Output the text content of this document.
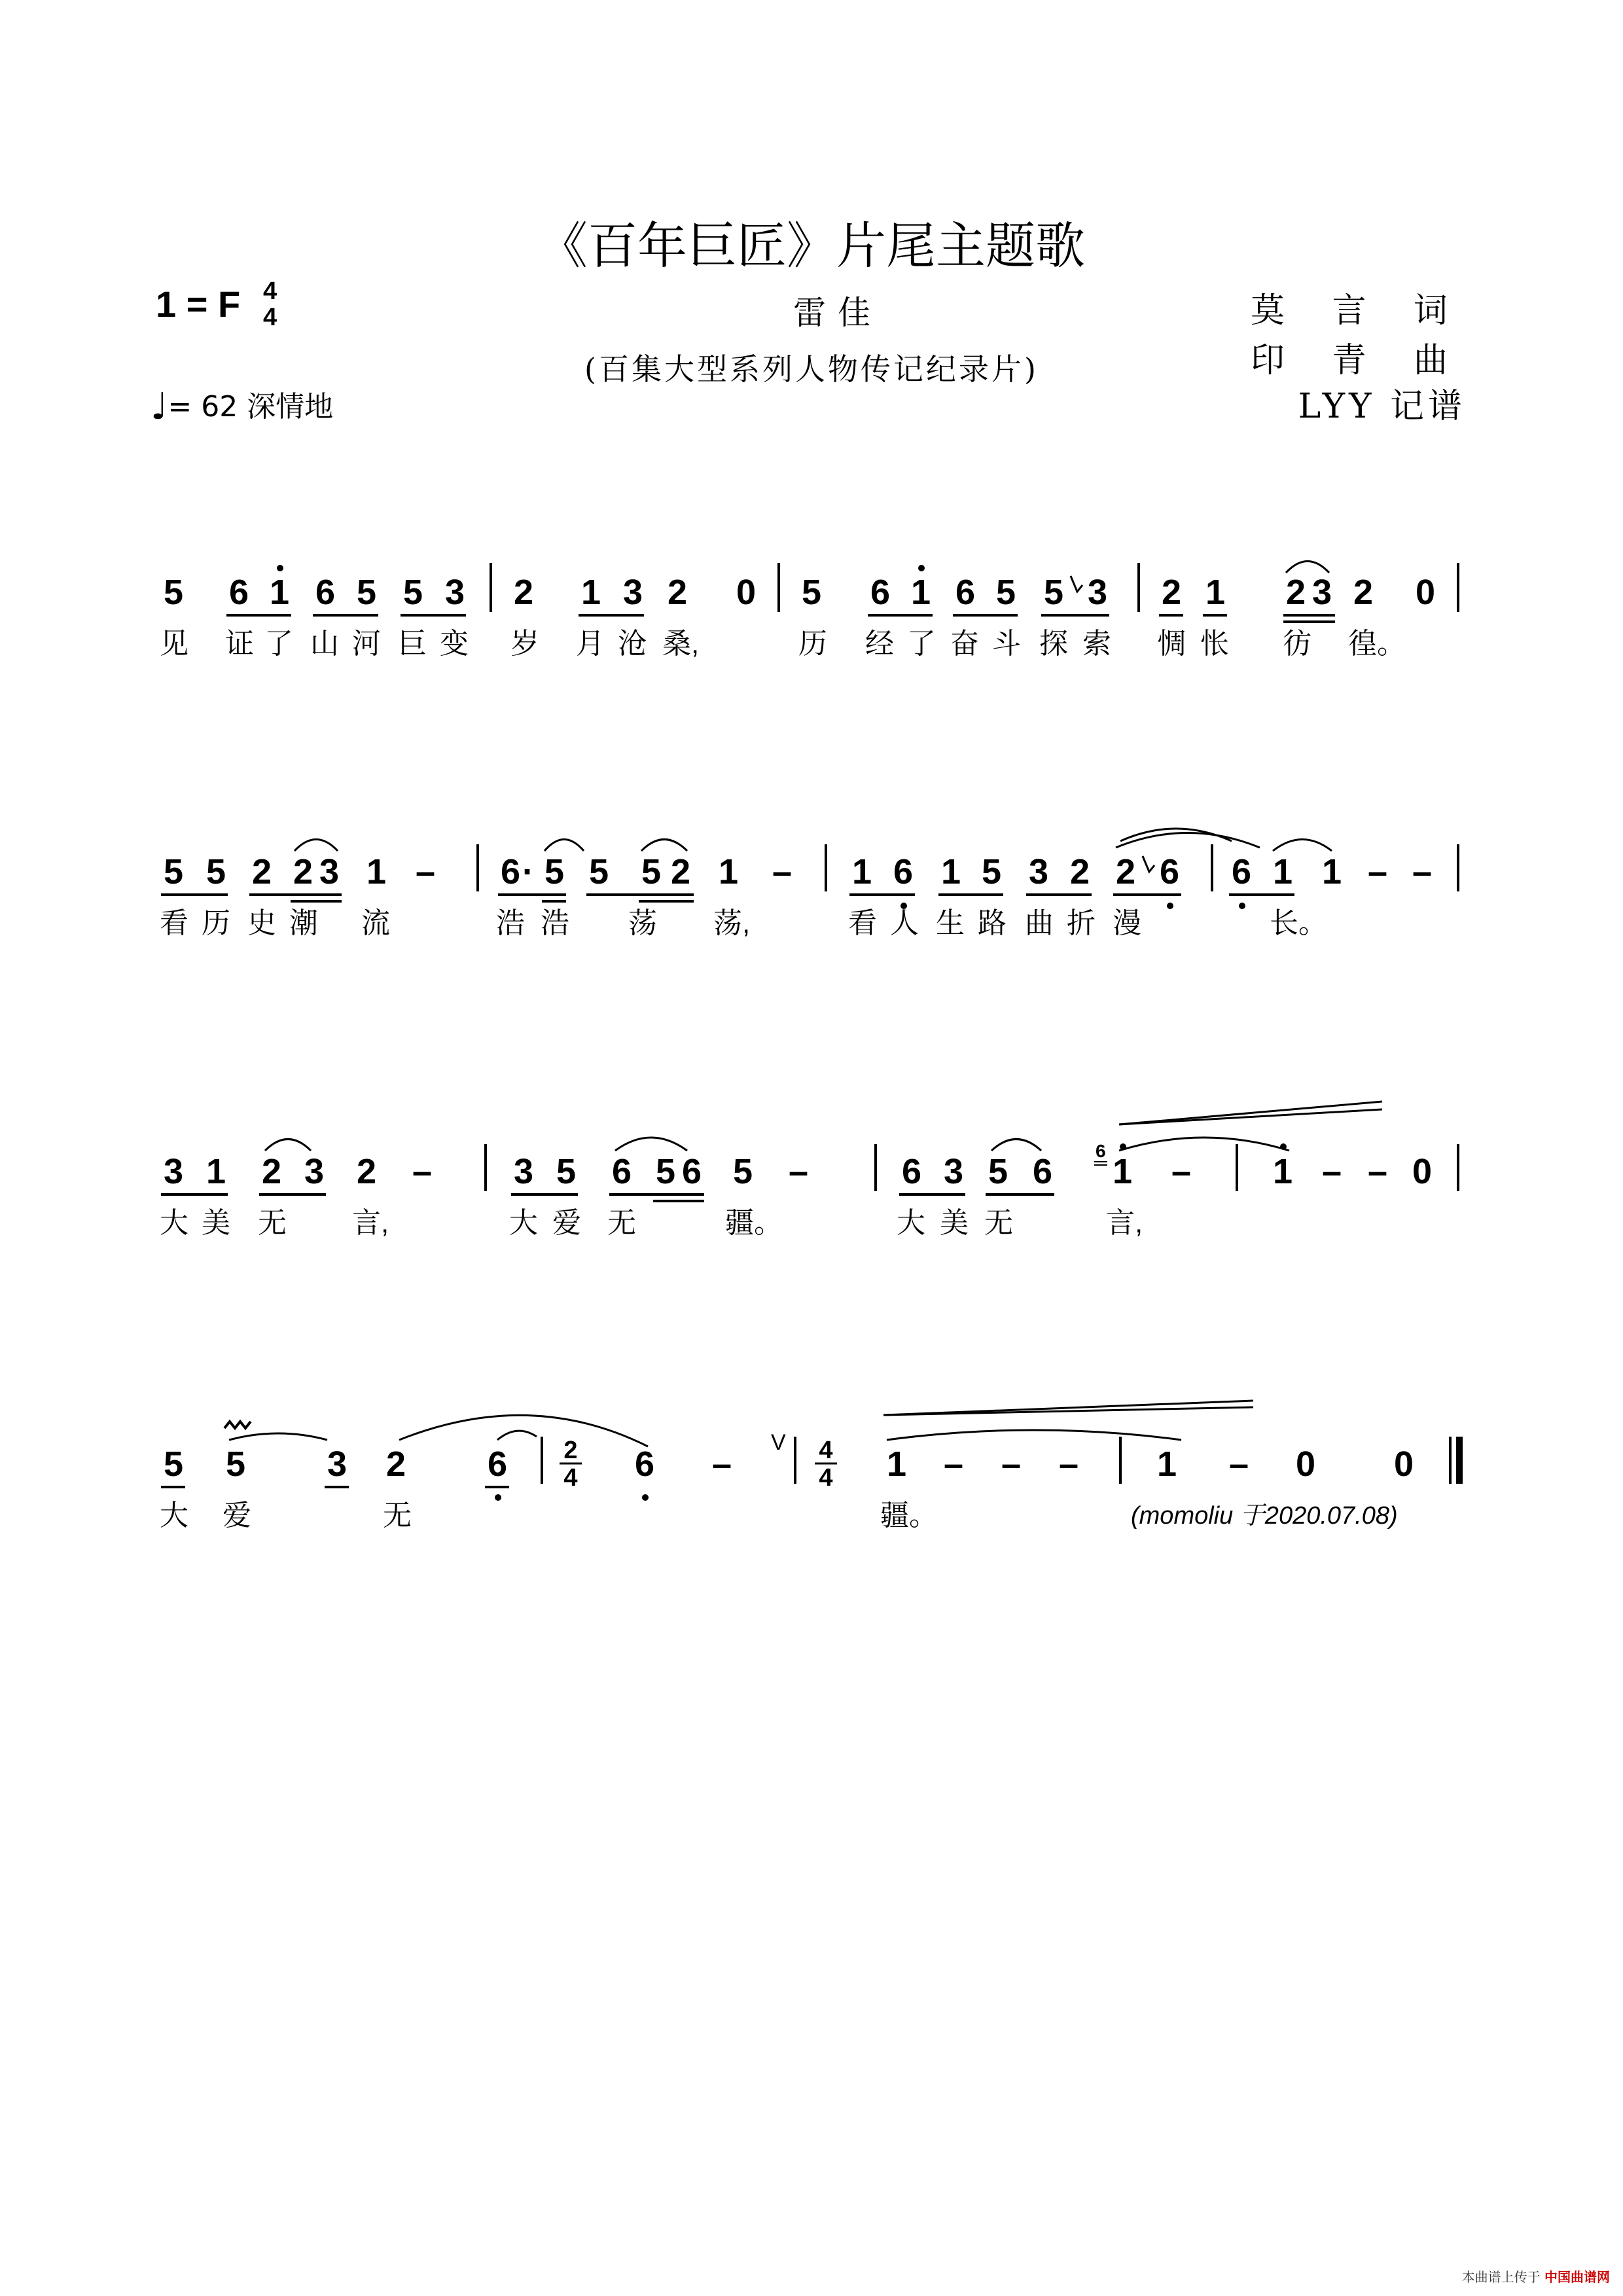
《百年巨匠》片尾主题歌
1 = F 4
4	雷佳
(百集大型系列人物传记纪录片)
莫 言 词
印 青 曲
LYY 记谱
♩= 62 深情地
5 6 1 6 5 5 3 2 1 3 2 0 5 6 1 6 5 5 3 2 1 2 3 2 0
见 证 了 山 河 巨 变 岁 月 沧 桑,	历 经 了 奋 斗 探 索 惆 怅 彷 徨。
5 5 2 2 3 1 – 6 · 5 5 5 2 1 – 1 6 1 5 3 2 2 6 6 1 1 – –
看 历 史 潮 流	浩 浩 荡 荡,	看 人 生 路 曲 折 漫	长。
3 1 2 3 2 – 3 5 6 5 6 5 –	6 3 5 6
6
1 – 1 – – 0
大 美 无 言,	大 爱 无	疆。	大 美 无	言,
5 5 3 2 6 2
4 6 –
V 4
4 1 – – – 1 – 0 0
大 爱	无	疆。	(momoliu 于2020.07.08)
本曲谱上传于 中国曲谱网
